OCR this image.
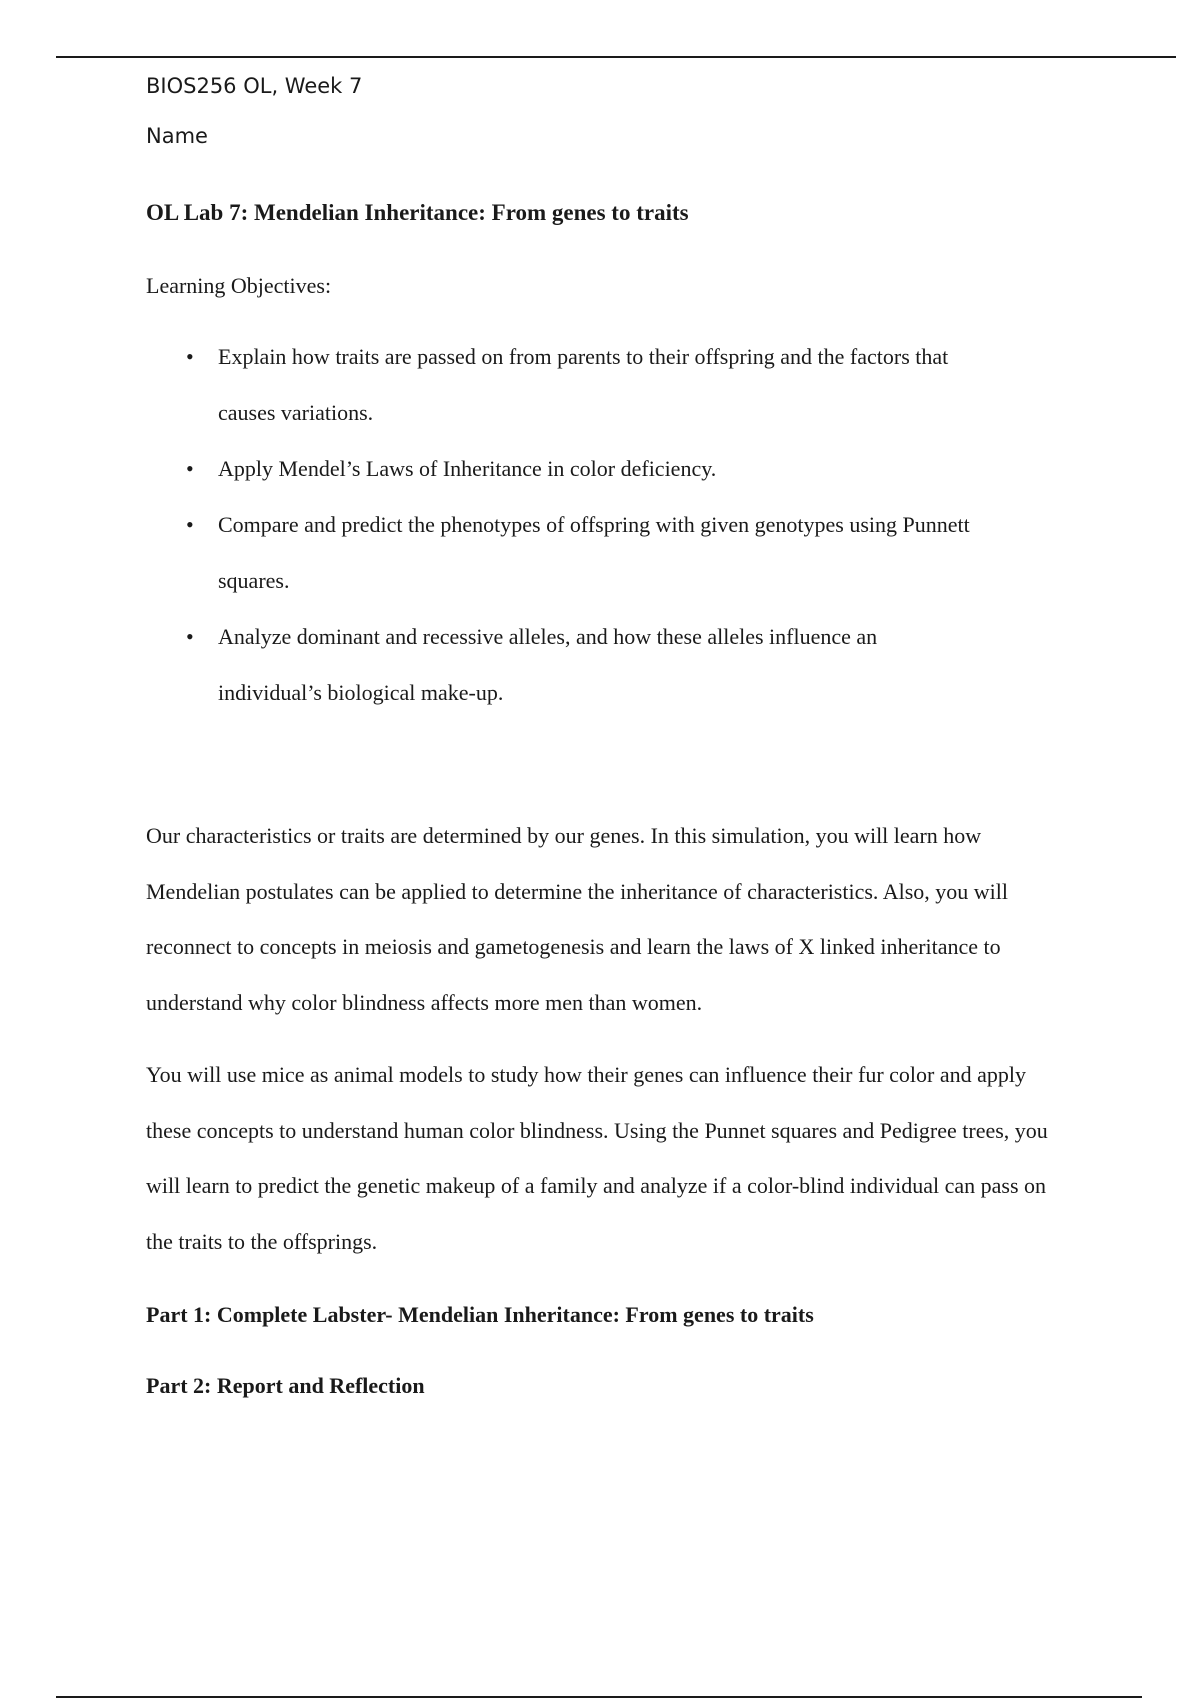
BIOS256 OL, Week 7

Name

OL Lab 7: Mendelian Inheritance: From genes to traits

Learning Objectives:

• Explain how traits are passed on from parents to their offspring and the factors that causes variations.
• Apply Mendel’s Laws of Inheritance in color deficiency.
• Compare and predict the phenotypes of offspring with given genotypes using Punnett squares.
• Analyze dominant and recessive alleles, and how these alleles influence an individual’s biological make-up.

Our characteristics or traits are determined by our genes. In this simulation, you will learn how Mendelian postulates can be applied to determine the inheritance of characteristics. Also, you will reconnect to concepts in meiosis and gametogenesis and learn the laws of X linked inheritance to understand why color blindness affects more men than women.

You will use mice as animal models to study how their genes can influence their fur color and apply these concepts to understand human color blindness. Using the Punnet squares and Pedigree trees, you will learn to predict the genetic makeup of a family and analyze if a color-blind individual can pass on the traits to the offsprings.

Part 1: Complete Labster- Mendelian Inheritance: From genes to traits

Part 2: Report and Reflection
